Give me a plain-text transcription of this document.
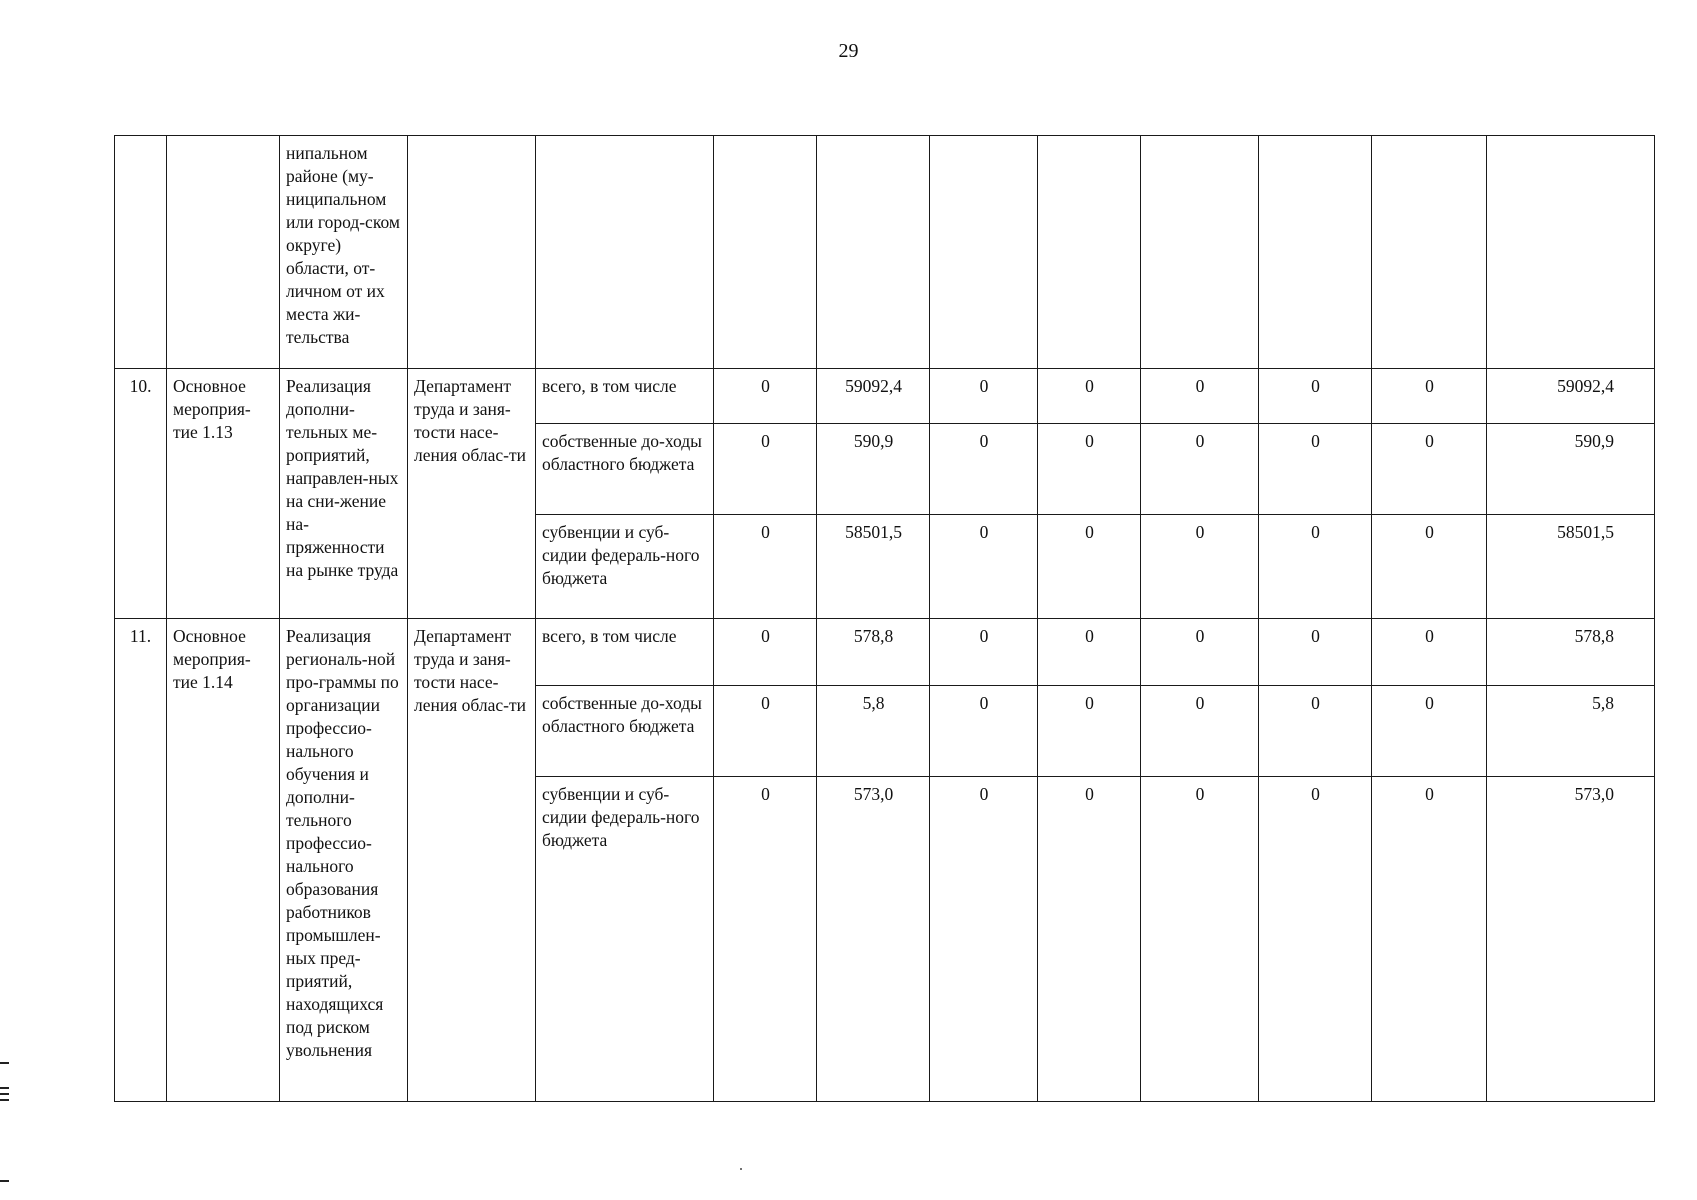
29
		нипальном районе (му-ниципальном или город-ском округе) области, от-личном от их места жи-тельства										
10.	Основное мероприя-тие 1.13	Реализация дополни-тельных ме-роприятий, направлен-ных на сни-жение на-пряженности на рынке труда	Департамент труда и заня-тости насе-ления облас-ти	всего, в том числе	0	59092,4	0	0	0	0	0	59092,4
				собственные до-ходы областного бюджета	0	590,9	0	0	0	0	0	590,9
				субвенции и суб-сидии федераль-ного бюджета	0	58501,5	0	0	0	0	0	58501,5
11.	Основное мероприя-тие 1.14	Реализация региональ-ной про-граммы по организации профессио-нального обучения и дополни-тельного профессио-нального образования работников промышлен-ных пред-приятий, находящихся под риском увольнения	Департамент труда и заня-тости насе-ления облас-ти	всего, в том числе	0	578,8	0	0	0	0	0	578,8
				собственные до-ходы областного бюджета	0	5,8	0	0	0	0	0	5,8
				субвенции и суб-сидии федераль-ного бюджета	0	573,0	0	0	0	0	0	573,0
